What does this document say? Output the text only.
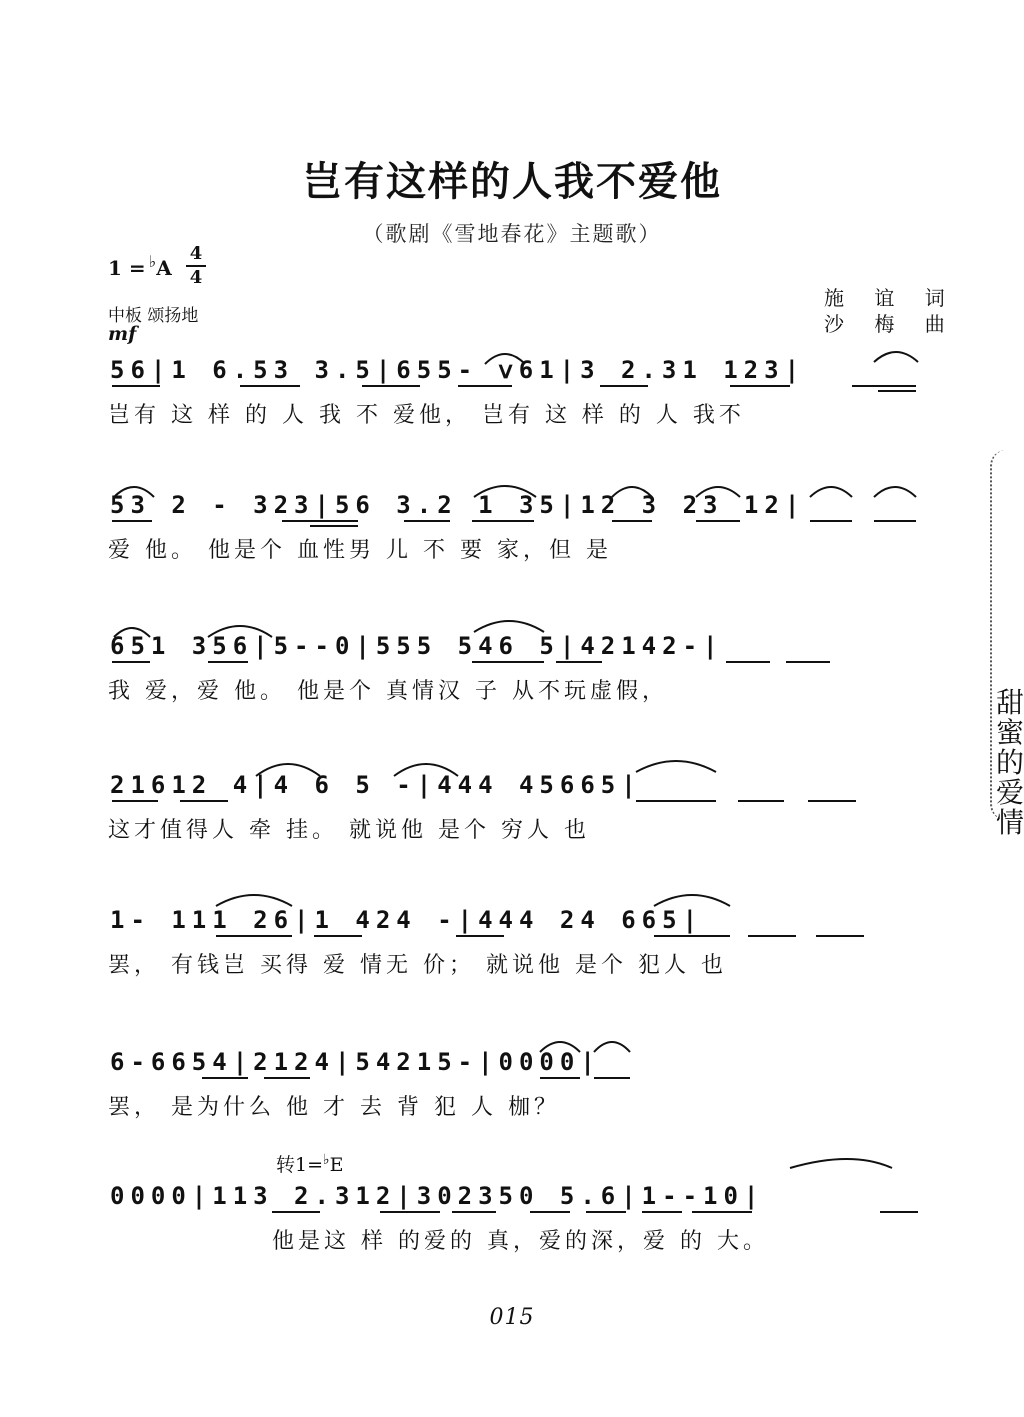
岂有这样的人我不爱他
（歌剧《雪地春花》主题歌）
1 = ♭A
4
4
中板 颂扬地
mf
施 谊 词
沙 梅 曲
56|1 6.53 3.5|655- ⅴ61|3 2.31 123|
岂有 这 样 的 人 我 不 爱他， 岂有 这 样 的 人 我不
53 2 - 323|56 3.2 1 35|12 3 23 12|
爱 他。 他是个 血性男 儿 不 要 家，但 是
651 356|5--0|555 546 5|42142-|
我 爱，爱 他。 他是个 真情汉 子 从不玩虚假，
21612 4|4 6 5 -|444 45665|
这才值得人 牵 挂。 就说他 是个 穷人 也
1- 111 26|1 424 -|444 24 665|
罢， 有钱岂 买得 爱 情无 价； 就说他 是个 犯人 也
6-6654|2124|54215-|0000|
罢， 是为什么 他 才 去 背 犯 人 枷？
转1=♭E
0000|113 2.312|302350 5.6|1--10|
他是这 样 的爱的 真，爱的深，爱 的 大。
015
甜
蜜
的
爱
情
